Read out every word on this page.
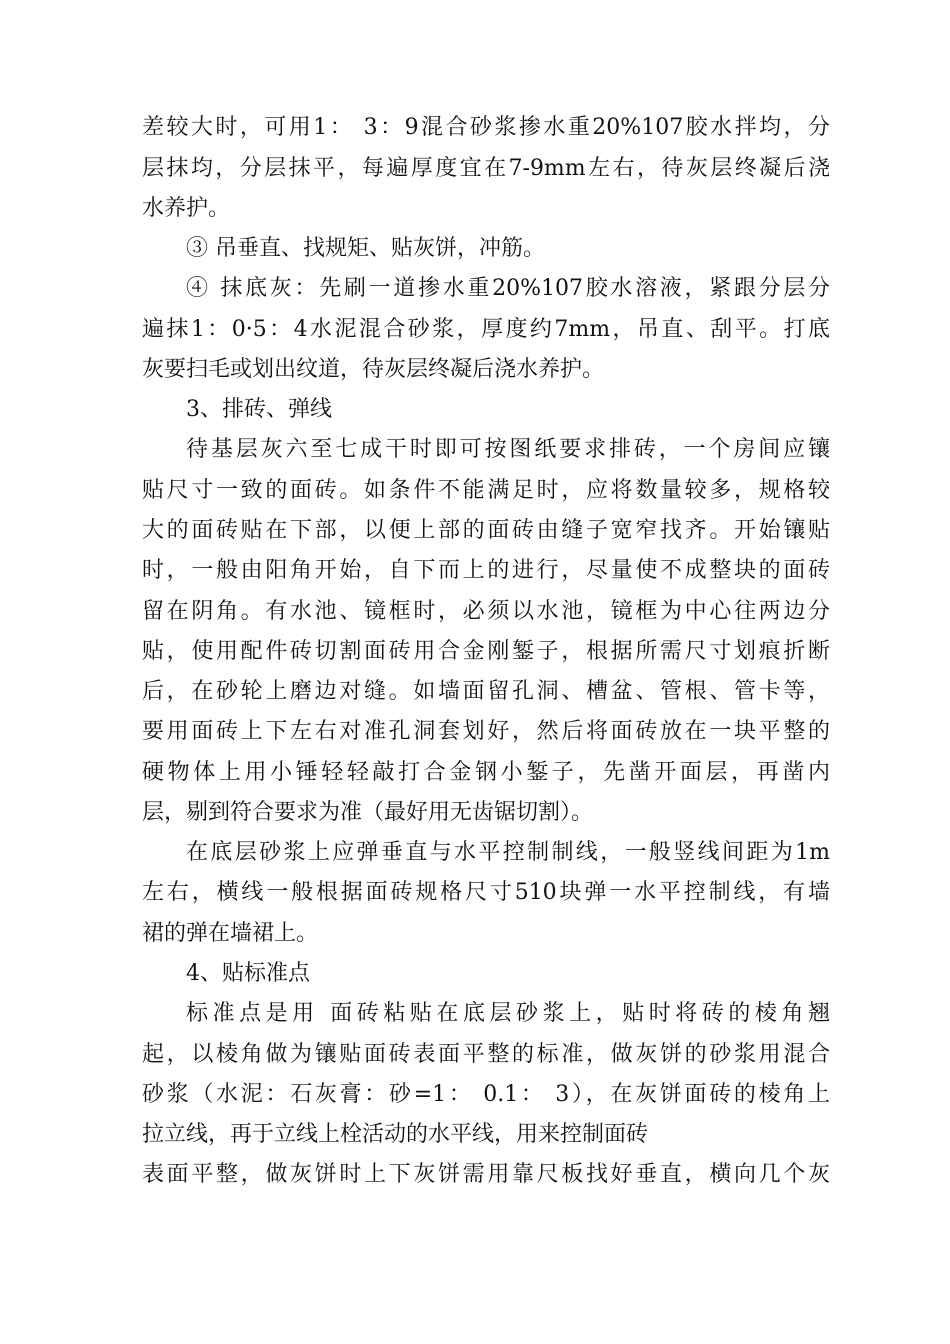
差较大时，可用1： 3：9混合砂浆掺水重20%107胶水拌均，分
层抹均，分层抹平，每遍厚度宜在7-9mm左右，待灰层终凝后浇
水养护。
③ 吊垂直、找规矩、贴灰饼，冲筋。
④ 抹底灰：先刷一道掺水重20%107胶水溶液，紧跟分层分
遍抹1：0·5：4水泥混合砂浆，厚度约7mm，吊直、刮平。打底
灰要扫毛或划出纹道，待灰层终凝后浇水养护。
3、排砖、弹线
待基层灰六至七成干时即可按图纸要求排砖，一个房间应镶
贴尺寸一致的面砖。如条件不能满足时，应将数量较多，规格较
大的面砖贴在下部，以便上部的面砖由缝子宽窄找齐。开始镶贴
时，一般由阳角开始，自下而上的进行，尽量使不成整块的面砖
留在阴角。有水池、镜框时，必须以水池，镜框为中心往两边分
贴，使用配件砖切割面砖用合金刚錾子，根据所需尺寸划痕折断
后，在砂轮上磨边对缝。如墙面留孔洞、槽盆、管根、管卡等，
要用面砖上下左右对准孔洞套划好，然后将面砖放在一块平整的
硬物体上用小锤轻轻敲打合金钢小錾子，先凿开面层，再凿内
层，剔到符合要求为准（最好用无齿锯切割）。
在底层砂浆上应弹垂直与水平控制制线，一般竖线间距为1m
左右，横线一般根据面砖规格尺寸510块弹一水平控制线，有墙
裙的弹在墙裙上。
4、贴标准点
标准点是用 面砖粘贴在底层砂浆上，贴时将砖的棱角翘
起，以棱角做为镶贴面砖表面平整的标准，做灰饼的砂浆用混合
砂浆（水泥：石灰膏：砂=1： 0.1： 3），在灰饼面砖的棱角上
拉立线，再于立线上栓活动的水平线，用来控制面砖
表面平整，做灰饼时上下灰饼需用靠尺板找好垂直，横向几个灰
